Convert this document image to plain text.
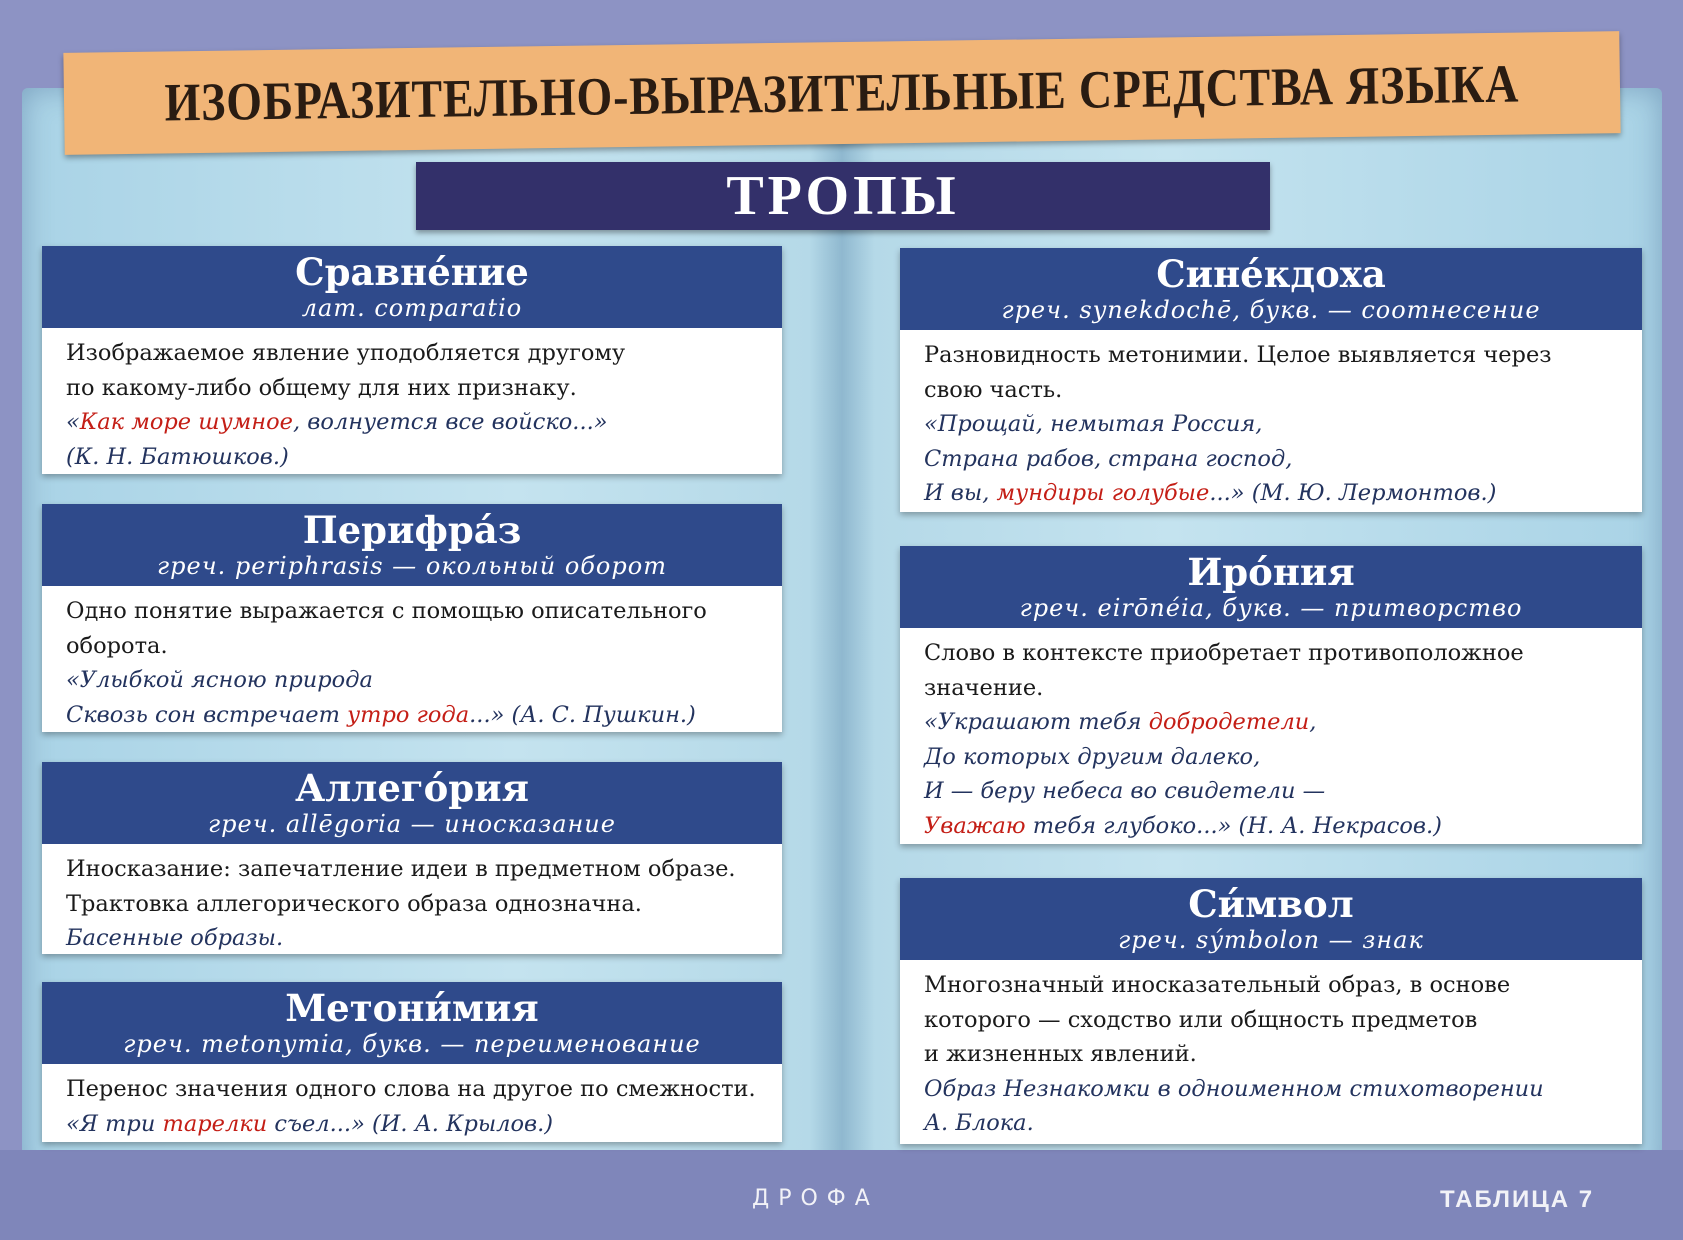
ИЗОБРАЗИТЕЛЬНО-ВЫРАЗИТЕЛЬНЫЕ СРЕДСТВА ЯЗЫКА
ТРОПЫ
Сравне́ние
лат. comparatio
Изображаемое явление уподобляется другому
по какому-либо общему для них признаку.
«Как море шумное, волнуется все войско...»
(К. Н. Батюшков.)
Перифра́з
греч. periphrasis — окольный оборот
Одно понятие выражается с помощью описательного
оборота.
«Улыбкой ясною природа
Сквозь сон встречает утро года...» (А. С. Пушкин.)
Аллего́рия
греч. allēgoria — иносказание
Иносказание: запечатление идеи в предметном образе.
Трактовка аллегорического образа однозначна.
Басенные образы.
Метони́мия
греч. metonymia, букв. — переименование
Перенос значения одного слова на другое по смежности.
«Я три тарелки съел...» (И. А. Крылов.)
Сине́кдоха
греч. synekdochē, букв. — соотнесение
Разновидность метонимии. Целое выявляется через
свою часть.
«Прощай, немытая Россия,
Страна рабов, страна господ,
И вы, мундиры голубые...» (М. Ю. Лермонтов.)
Иро́ния
греч. eirōnéia, букв. — притворство
Слово в контексте приобретает противоположное
значение.
«Украшают тебя добродетели,
До которых другим далеко,
И — беру небеса во свидетели —
Уважаю тебя глубоко...» (Н. А. Некрасов.)
Си́мвол
греч. sýmbolon — знак
Многозначный иносказательный образ, в основе
которого — сходство или общность предметов
и жизненных явлений.
Образ Незнакомки в одноименном стихотворении
А. Блока.
ДРОФА	ТАБЛИЦА 7
